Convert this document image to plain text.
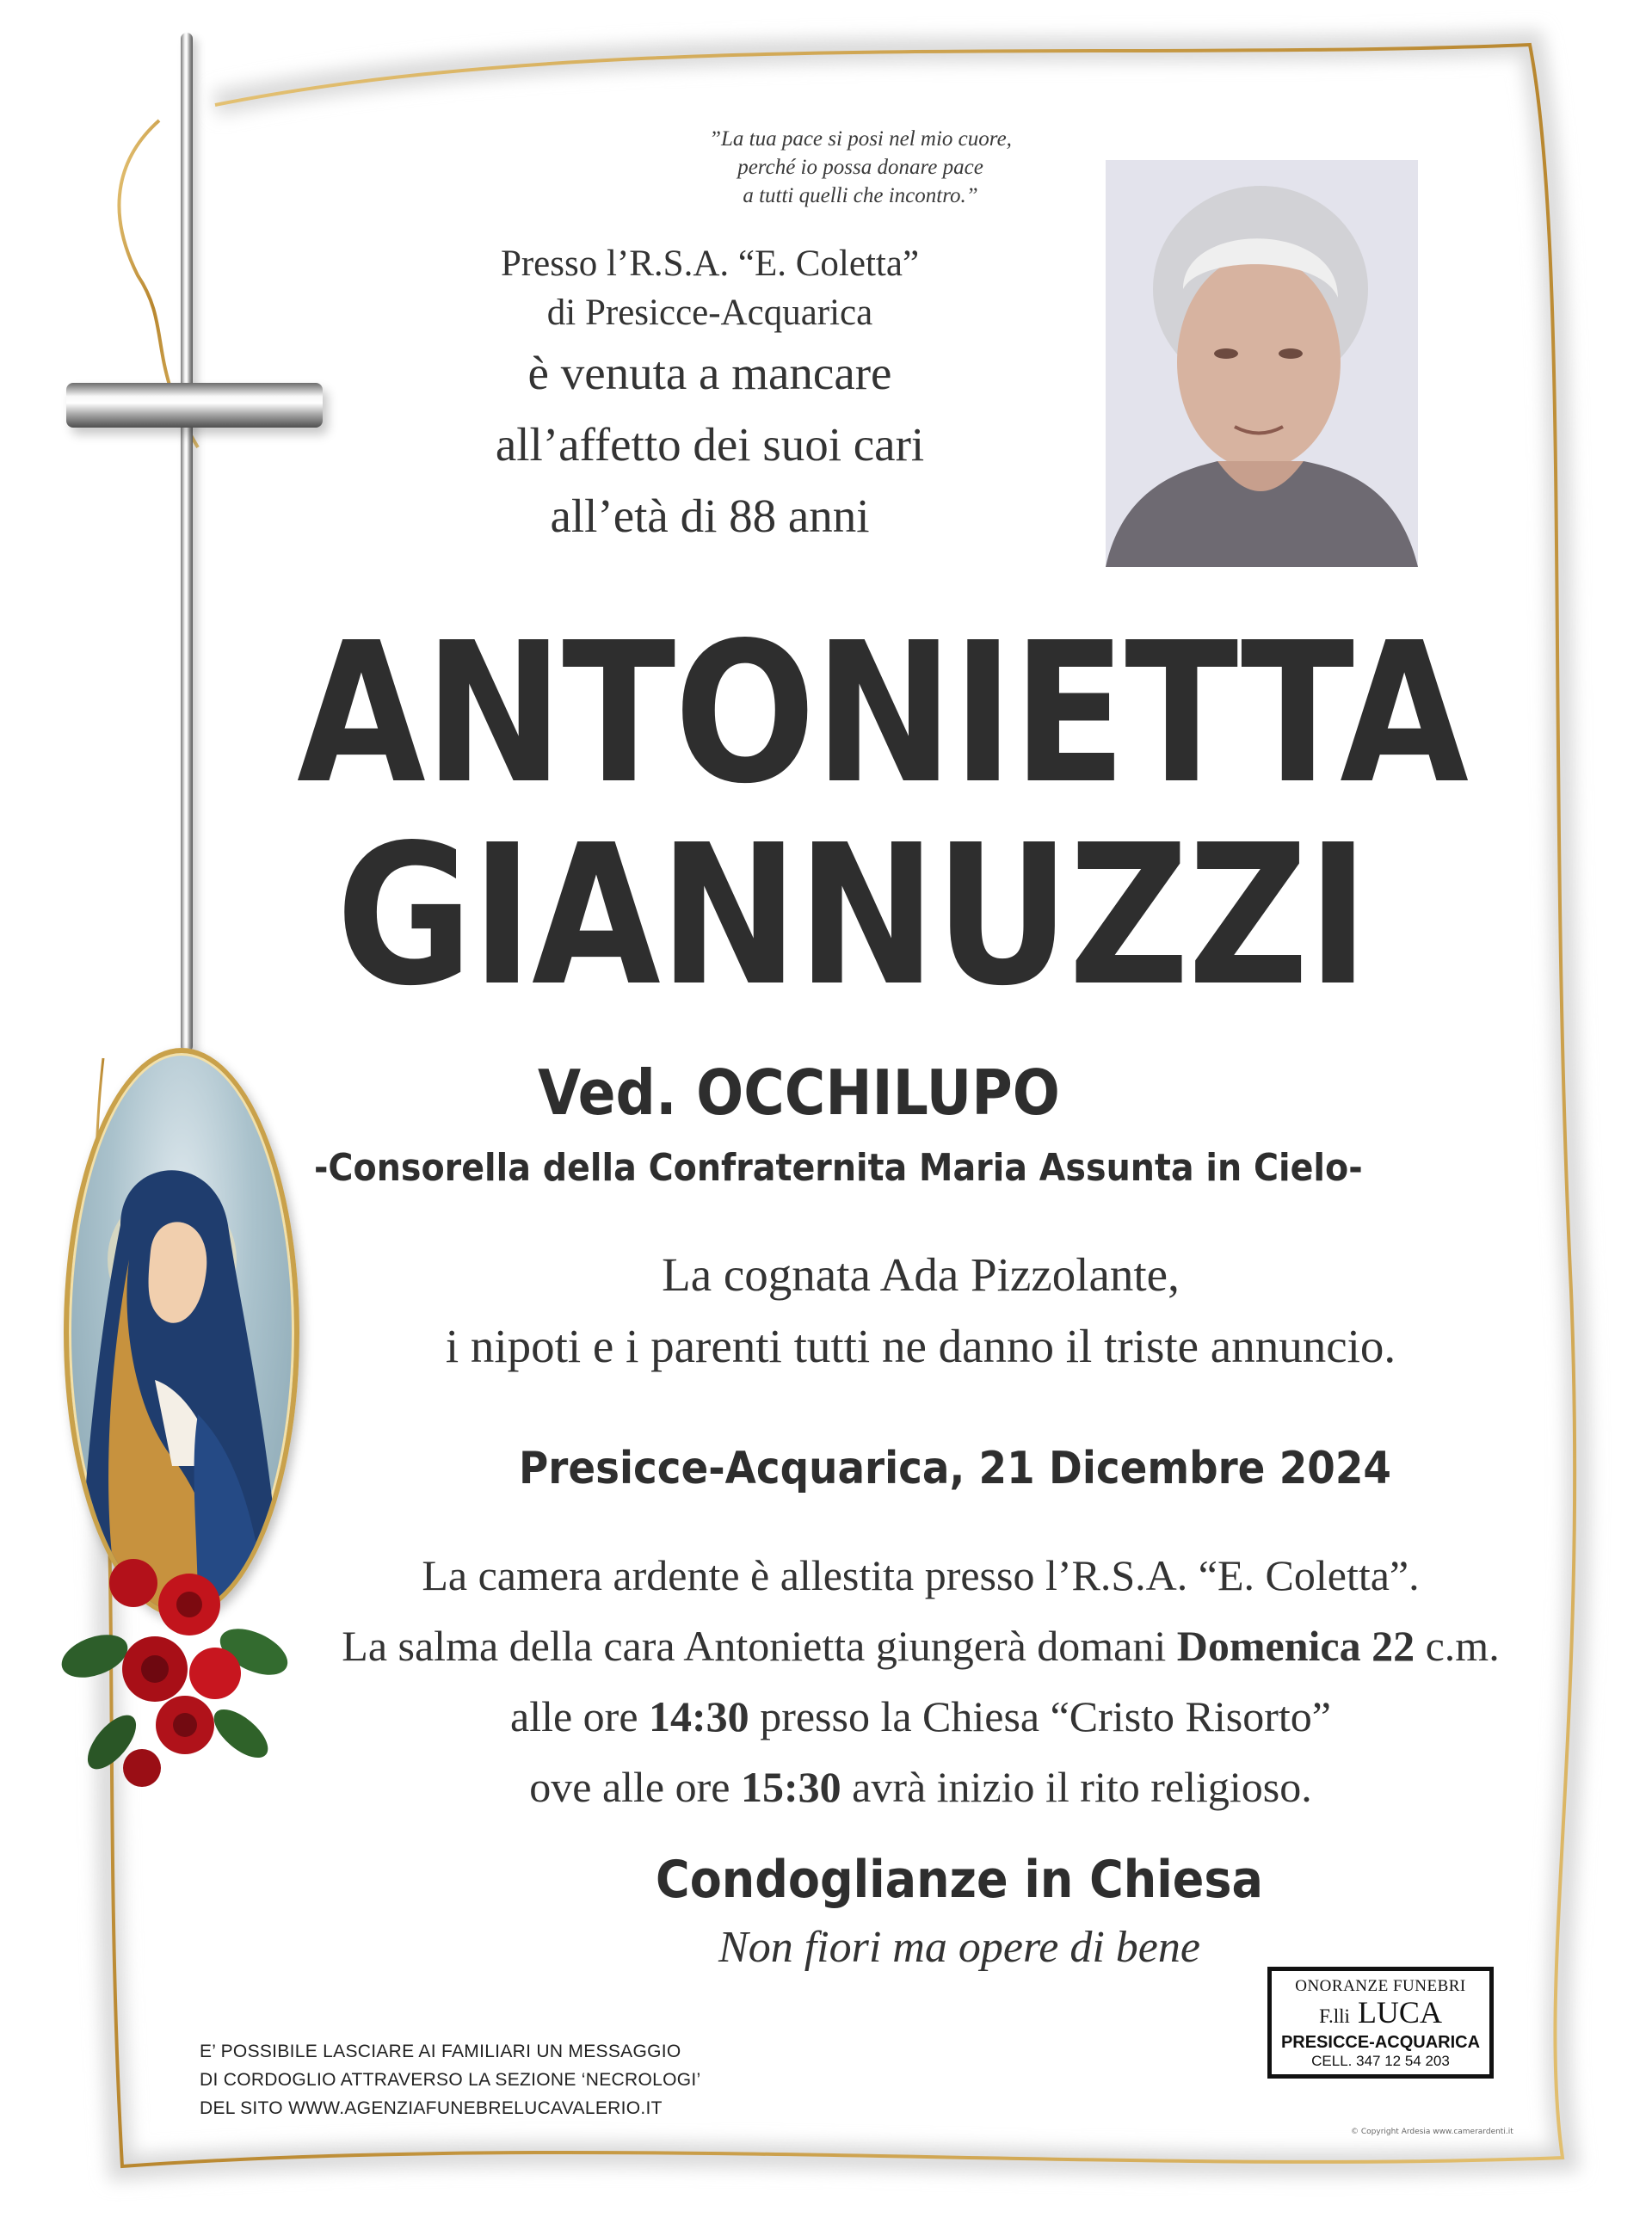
”La tua pace si posi nel mio cuore,
perché io possa donare pace
a tutti quelli che incontro.”
Presso l’R.S.A. “E. Coletta”
di Presicce-Acquarica
è venuta a mancare
all’affetto dei suoi cari
all’età di 88 anni
ANTONIETTA
GIANNUZZI
Ved. OCCHILUPO
-Consorella della Confraternita Maria Assunta in Cielo-
La cognata Ada Pizzolante,
i nipoti e i parenti tutti ne danno il triste annuncio.
Presicce-Acquarica, 21 Dicembre 2024
La camera ardente è allestita presso l’R.S.A. “E. Coletta”.
La salma della cara Antonietta giungerà domani Domenica 22 c.m.
alle ore 14:30 presso la Chiesa “Cristo Risorto”
ove alle ore 15:30 avrà inizio il rito religioso.
Condoglianze in Chiesa
Non fiori ma opere di bene
E’ POSSIBILE LASCIARE AI FAMILIARI UN MESSAGGIO
DI CORDOGLIO ATTRAVERSO LA SEZIONE ‘NECROLOGI’
DEL SITO WWW.AGENZIAFUNEBRELUCAVALERIO.IT
ONORANZE FUNEBRI
F.lli LUCA
PRESICCE-ACQUARICA
CELL. 347 12 54 203
© Copyright Ardesia www.camerardenti.it
